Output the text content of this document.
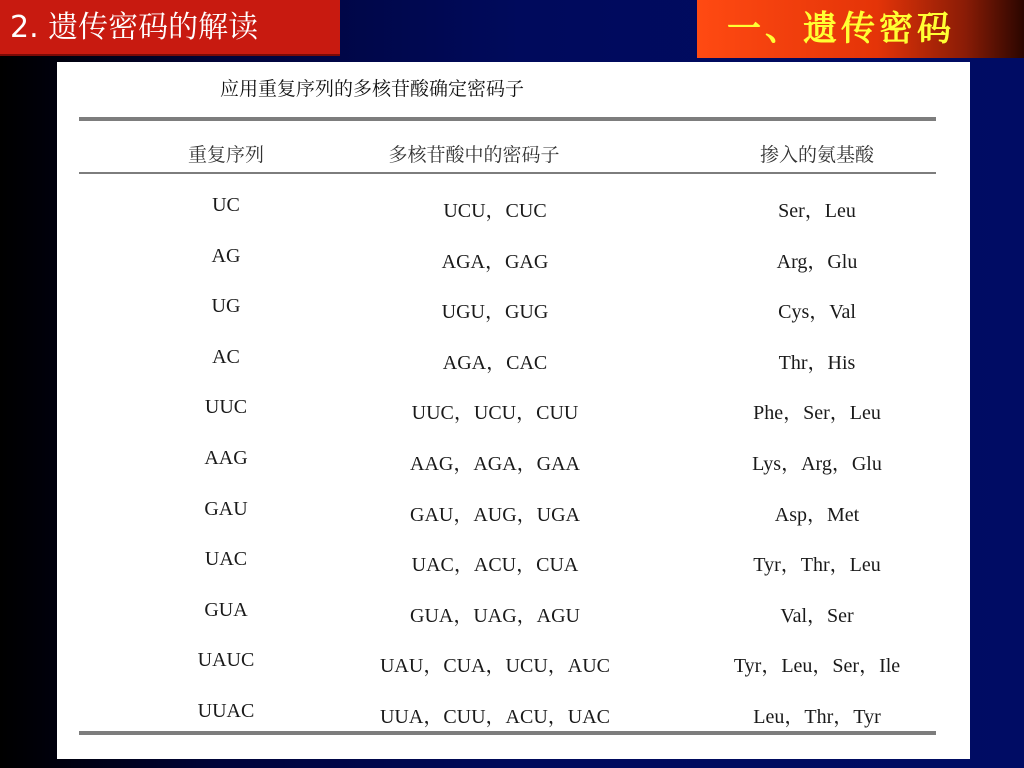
2. 遗传密码的解读	一、遗传密码
应用重复序列的多核苷酸确定密码子
重复序列	多核苷酸中的密码子	掺入的氨基酸
UC	UCU，CUC	Ser，Leu
AG	AGA，GAG	Arg，Glu
UG	UGU，GUG	Cys，Val
AC	AGA，CAC	Thr，His
UUC	UUC，UCU，CUU	Phe，Ser，Leu
AAG	AAG，AGA，GAA	Lys，Arg，Glu
GAU	GAU，AUG，UGA	Asp，Met
UAC	UAC，ACU，CUA	Tyr，Thr，Leu
GUA	GUA，UAG，AGU	Val，Ser
UAUC	UAU，CUA，UCU，AUC	Tyr，Leu，Ser，Ile
UUAC	UUA，CUU，ACU，UAC	Leu，Thr，Tyr
